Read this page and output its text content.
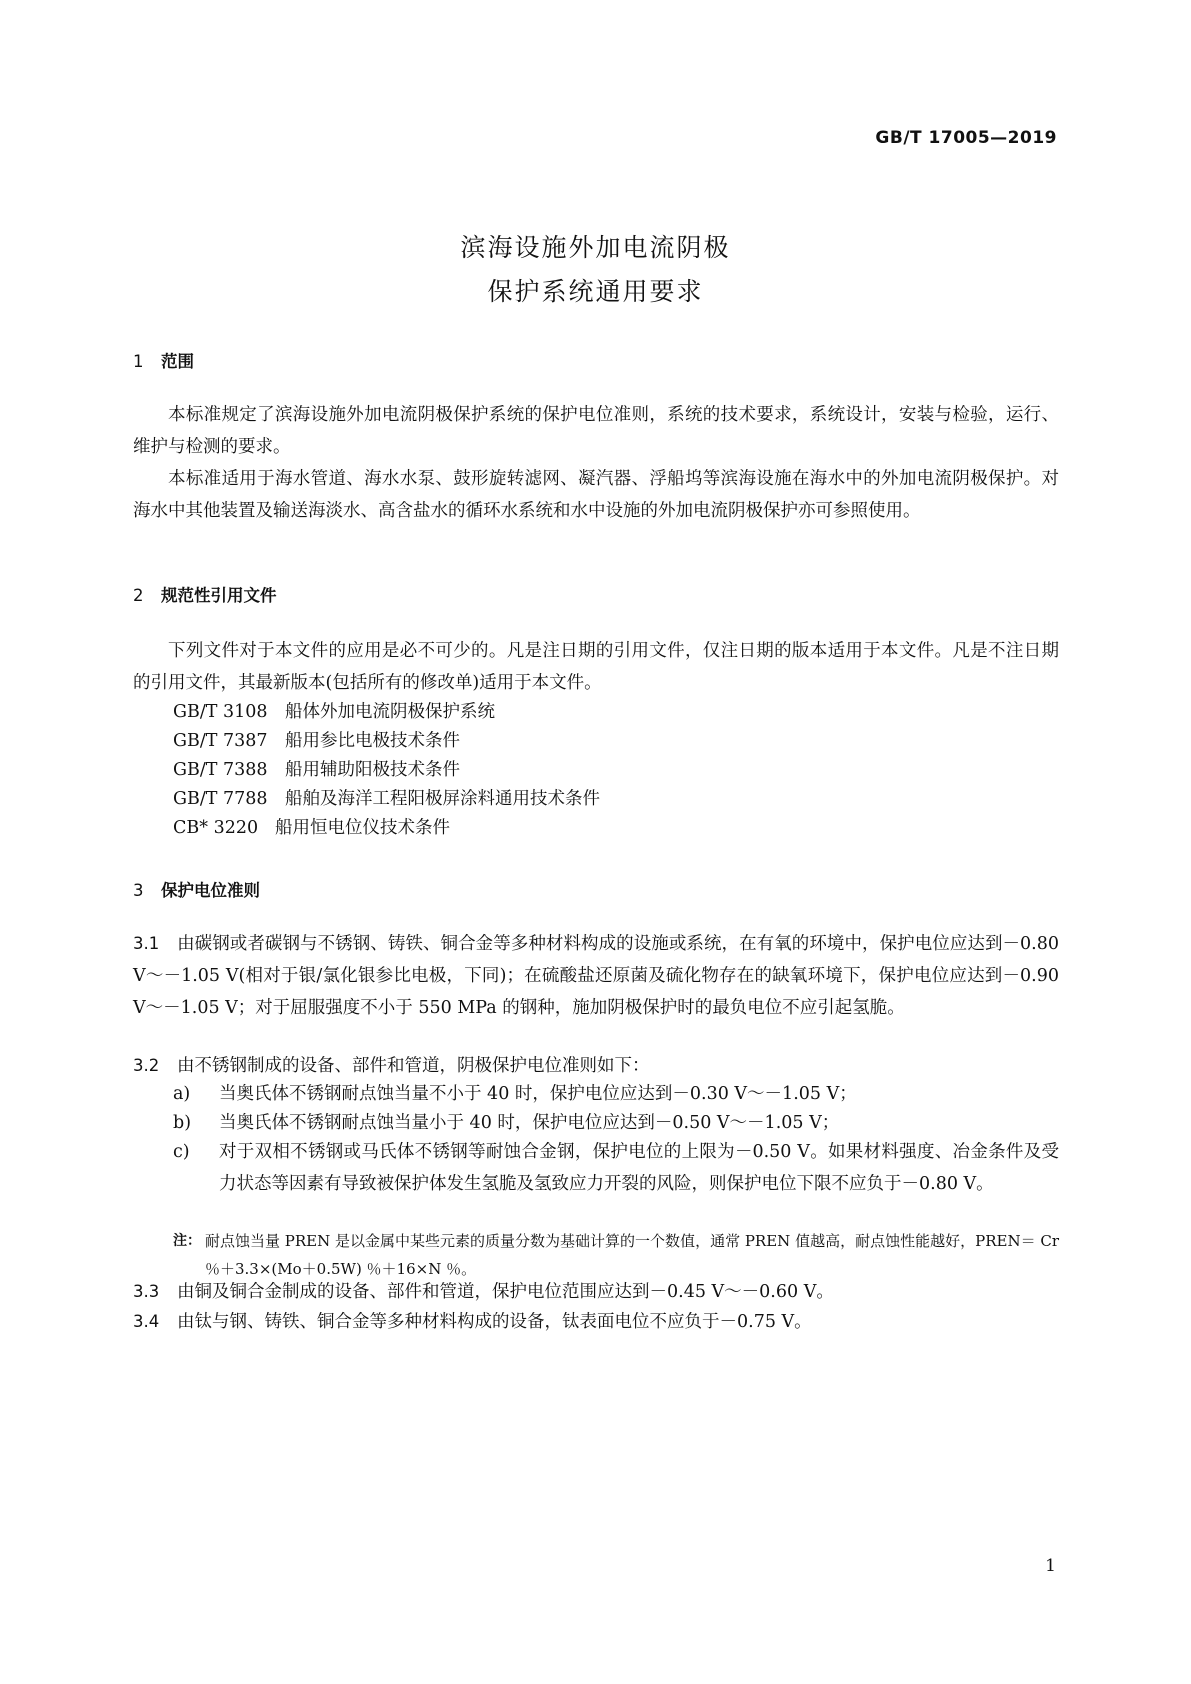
GB/T 17005—2019
滨海设施外加电流阴极
保护系统通用要求
1 范围

本标准规定了滨海设施外加电流阴极保护系统的保护电位准则，系统的技术要求，系统设计，安装与检验，运行、维护与检测的要求。

本标准适用于海水管道、海水水泵、鼓形旋转滤网、凝汽器、浮船坞等滨海设施在海水中的外加电流阴极保护。对海水中其他装置及输送海淡水、高含盐水的循环水系统和水中设施的外加电流阴极保护亦可参照使用。

2 规范性引用文件

下列文件对于本文件的应用是必不可少的。凡是注日期的引用文件，仅注日期的版本适用于本文件。凡是不注日期的引用文件，其最新版本(包括所有的修改单)适用于本文件。

GB/T 3108 船体外加电流阴极保护系统
GB/T 7387 船用参比电极技术条件
GB/T 7388 船用辅助阳极技术条件
GB/T 7788 船舶及海洋工程阳极屏涂料通用技术条件
CB* 3220 船用恒电位仪技术条件
3 保护电位准则

3.1 由碳钢或者碳钢与不锈钢、铸铁、铜合金等多种材料构成的设施或系统，在有氧的环境中，保护电位应达到－0.80 V～－1.05 V(相对于银/氯化银参比电极，下同)；在硫酸盐还原菌及硫化物存在的缺氧环境下，保护电位应达到－0.90 V～－1.05 V；对于屈服强度不小于 550 MPa 的钢种，施加阴极保护时的最负电位不应引起氢脆。

3.2 由不锈钢制成的设备、部件和管道，阴极保护电位准则如下：

a)	当奥氏体不锈钢耐点蚀当量不小于 40 时，保护电位应达到－0.30 V～－1.05 V；
b)	当奥氏体不锈钢耐点蚀当量小于 40 时，保护电位应达到－0.50 V～－1.05 V；
c)	对于双相不锈钢或马氏体不锈钢等耐蚀合金钢，保护电位的上限为－0.50 V。如果材料强度、冶金条件及受力状态等因素有导致被保护体发生氢脆及氢致应力开裂的风险，则保护电位下限不应负于－0.80 V。
注： 耐点蚀当量 PREN 是以金属中某些元素的质量分数为基础计算的一个数值，通常 PREN 值越高，耐点蚀性能越好，PREN＝ Cr ％＋3.3×(Mo＋0.5W) ％＋16×N ％。

3.3 由铜及铜合金制成的设备、部件和管道，保护电位范围应达到－0.45 V～－0.60 V。

3.4 由钛与钢、铸铁、铜合金等多种材料构成的设备，钛表面电位不应负于－0.75 V。

1
